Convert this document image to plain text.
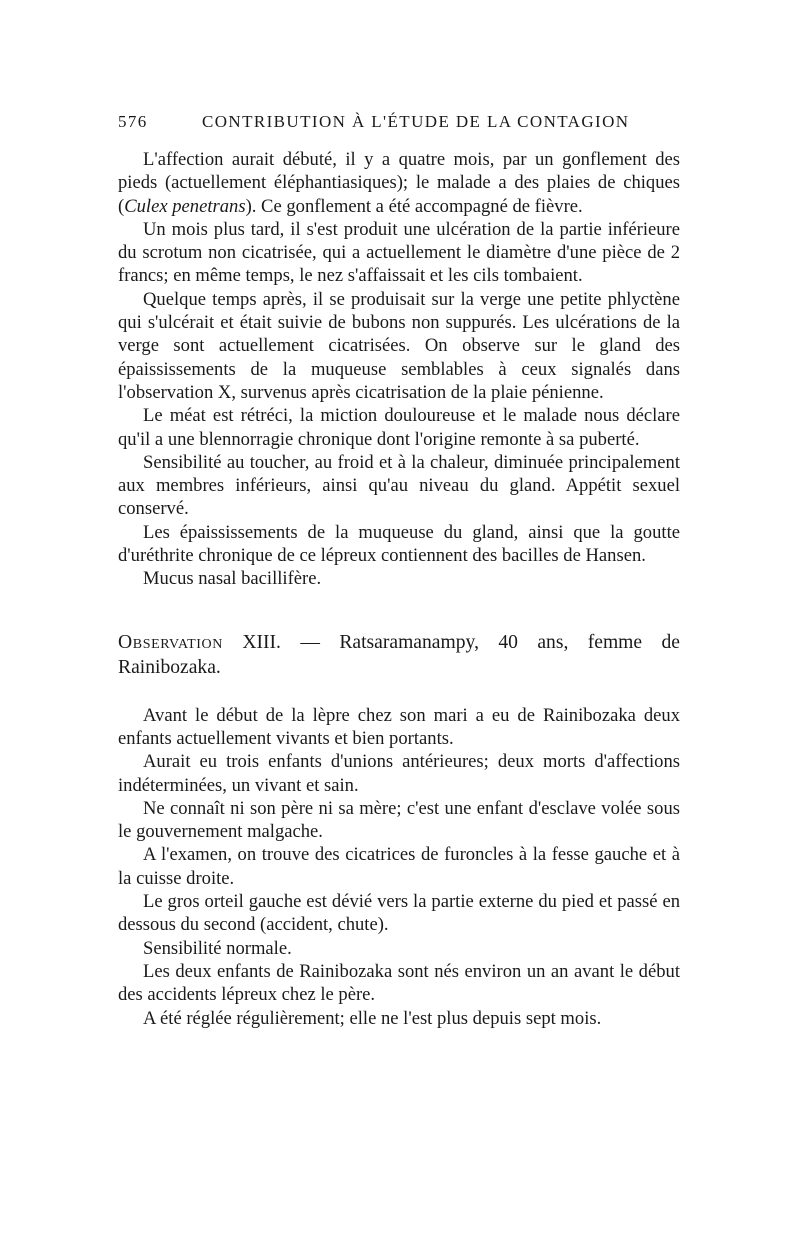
576	CONTRIBUTION À L'ÉTUDE DE LA CONTAGION

L'affection aurait débuté, il y a quatre mois, par un gonflement des pieds (actuellement éléphantiasiques); le malade a des plaies de chiques (Culex penetrans). Ce gonflement a été accompagné de fièvre.

Un mois plus tard, il s'est produit une ulcération de la partie inférieure du scrotum non cicatrisée, qui a actuellement le diamètre d'une pièce de 2 francs; en même temps, le nez s'affaissait et les cils tombaient.

Quelque temps après, il se produisait sur la verge une petite phlyctène qui s'ulcérait et était suivie de bubons non suppurés. Les ulcérations de la verge sont actuellement cicatrisées. On observe sur le gland des épaississements de la muqueuse semblables à ceux signalés dans l'observation X, survenus après cicatrisation de la plaie pénienne.

Le méat est rétréci, la miction douloureuse et le malade nous déclare qu'il a une blennorragie chronique dont l'origine remonte à sa puberté.

Sensibilité au toucher, au froid et à la chaleur, diminuée principalement aux membres inférieurs, ainsi qu'au niveau du gland. Appétit sexuel conservé.

Les épaississements de la muqueuse du gland, ainsi que la goutte d'uréthrite chronique de ce lépreux contiennent des bacilles de Hansen.

Mucus nasal bacillifère.

Observation XIII. — Ratsaramanampy, 40 ans, femme de Rainibozaka.

Avant le début de la lèpre chez son mari a eu de Rainibozaka deux enfants actuellement vivants et bien portants.

Aurait eu trois enfants d'unions antérieures; deux morts d'affections indéterminées, un vivant et sain.

Ne connaît ni son père ni sa mère; c'est une enfant d'esclave volée sous le gouvernement malgache.

A l'examen, on trouve des cicatrices de furoncles à la fesse gauche et à la cuisse droite.

Le gros orteil gauche est dévié vers la partie externe du pied et passé en dessous du second (accident, chute).

Sensibilité normale.

Les deux enfants de Rainibozaka sont nés environ un an avant le début des accidents lépreux chez le père.

A été réglée régulièrement; elle ne l'est plus depuis sept mois.
